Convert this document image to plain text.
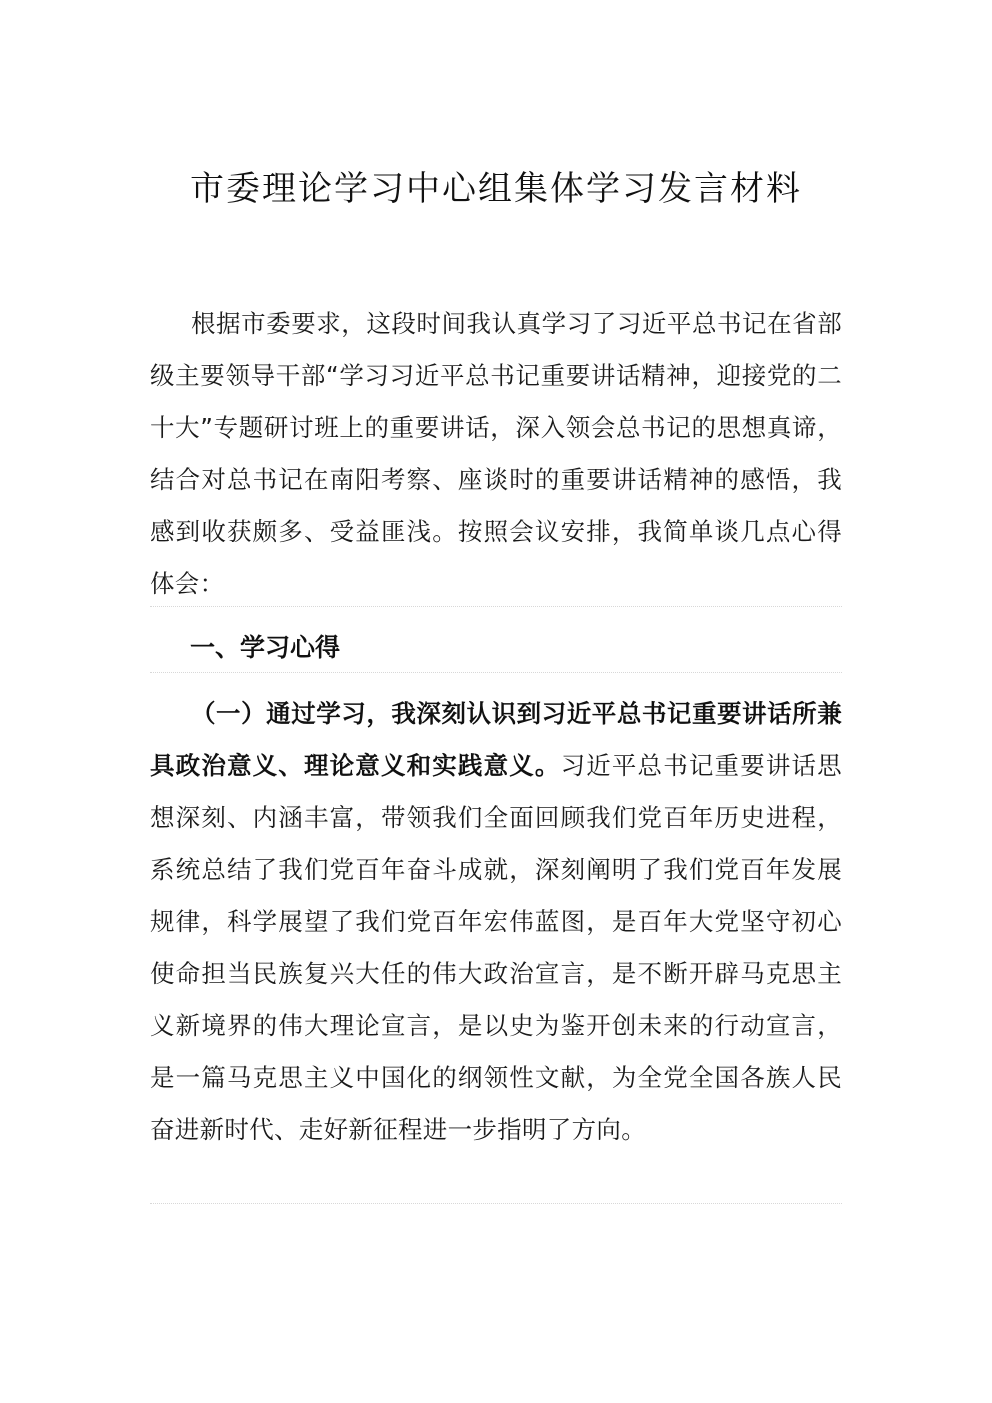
市委理论学习中心组集体学习发言材料

根据市委要求，这段时间我认真学习了习近平总书记在省部级主要领导干部“学习习近平总书记重要讲话精神，迎接党的二十大”专题研讨班上的重要讲话，深入领会总书记的思想真谛，结合对总书记在南阳考察、座谈时的重要讲话精神的感悟，我感到收获颇多、受益匪浅。按照会议安排，我简单谈几点心得体会：

一、学习心得

（一）通过学习，我深刻认识到习近平总书记重要讲话所兼具政治意义、理论意义和实践意义。习近平总书记重要讲话思想深刻、内涵丰富，带领我们全面回顾我们党百年历史进程，系统总结了我们党百年奋斗成就，深刻阐明了我们党百年发展规律，科学展望了我们党百年宏伟蓝图，是百年大党坚守初心使命担当民族复兴大任的伟大政治宣言，是不断开辟马克思主义新境界的伟大理论宣言，是以史为鉴开创未来的行动宣言，是一篇马克思主义中国化的纲领性文献，为全党全国各族人民奋进新时代、走好新征程进一步指明了方向。
